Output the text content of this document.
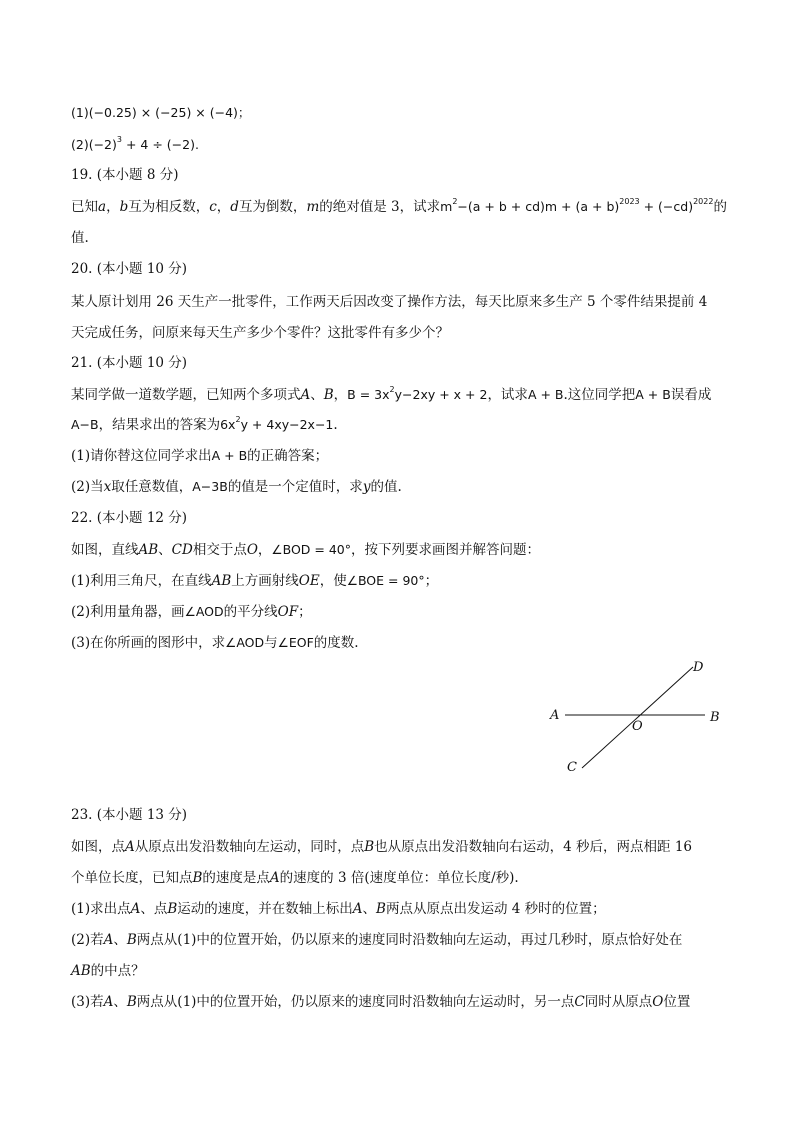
(1)(−0.25) × (−25) × (−4)；
$(2)(-2)^3 + 4 \div (-2)$.
19. (本小题 8 分)
已知a，b互为相反数，c，d互为倒数，m的绝对值是 3，试求$m^2-(a + b + cd)m + (a + b)^{2023} + (-cd)^{2022}$的
值.
20. (本小题 10 分)
某人原计划用 26 天生产一批零件，工作两天后因改变了操作方法，每天比原来多生产 5 个零件结果提前 4
天完成任务，问原来每天生产多少个零件？这批零件有多少个？
21. (本小题 10 分)
某同学做一道数学题，已知两个多项式A、B，$B = 3x^2y-2xy + x + 2$，试求A + B.这位同学把A + B误看成
A−B，结果求出的答案为$6x^2y + 4xy-2x-1$.
(1)请你替这位同学求出A + B的正确答案；
(2)当x取任意数值，A−3B的值是一个定值时，求y的值.
22. (本小题 12 分)
如图，直线AB、CD相交于点O，∠BOD = 40°，按下列要求画图并解答问题：
(1)利用三角尺，在直线AB上方画射线OE，使∠BOE = 90°；
(2)利用量角器，画∠AOD的平分线OF；
(3)在你所画的图形中，求∠AOD与∠EOF的度数.
A	B
C
D
O
23. (本小题 13 分)
如图，点A从原点出发沿数轴向左运动，同时，点B也从原点出发沿数轴向右运动，4 秒后，两点相距 16
个单位长度，已知点B的速度是点A的速度的 3 倍(速度单位：单位长度/秒).
(1)求出点A、点B运动的速度，并在数轴上标出A、B两点从原点出发运动 4 秒时的位置；
(2)若A、B两点从(1)中的位置开始，仍以原来的速度同时沿数轴向左运动，再过几秒时，原点恰好处在
AB的中点？
(3)若A、B两点从(1)中的位置开始，仍以原来的速度同时沿数轴向左运动时，另一点C同时从原点O位置
